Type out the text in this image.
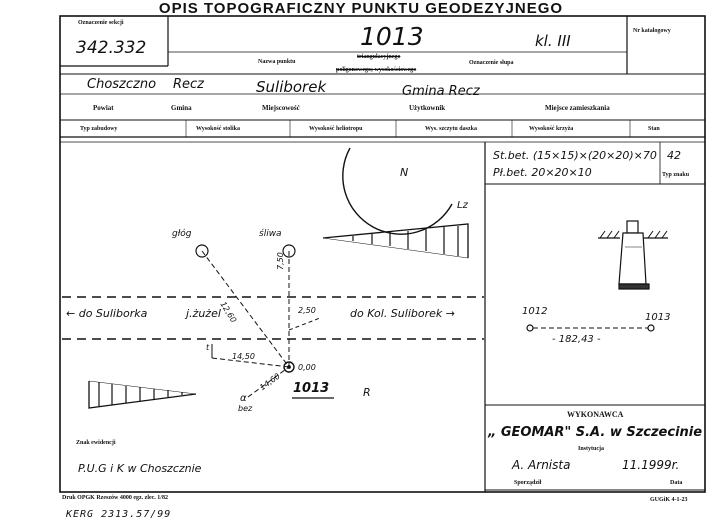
OPIS TOPOGRAFICZNY PUNKTU GEODEZYJNEGO
Oznaczenie sekcji
342.332	1013	kl. III
Nr katalogowy
Nazwa punktu
triangulacyjnego
poligonowego; wysokościowego
Oznaczenie słupa
Choszczno Recz	Suliborek	Gmina Recz
Powiat	Gmina	Miejscowość	Użytkownik	Miejsce zamieszkania
Typ zabudowy	Wysokość stolika	Wysokość heliotropu	Wys. szczytu daszka	Wysokość krzyża	Stan
St.bet. (15×15)×(20×20)×70
Pł.bet. 20×20×10
42
Typ znaku
N
Lz
głóg	śliwa
7,50
12,60	2,50
← do Suliborka	j.żużel	do Kol. Suliborek →
t
14,50
14,60
α
bez
0,00
1013	R
1012
1013
- 182,43 -
WYKONAWCA
„ GEOMAR" S.A. w Szczecinie
Instytucja
A. Arnista	11.1999r.
Sporządził	Data
Znak ewidencji
P.U.G i K w Choszcznie
Druk OPGK Rzeszów 4000 egz. zlec. 1/82	GUGiK 4-1-23
KERG 2313.57/99
